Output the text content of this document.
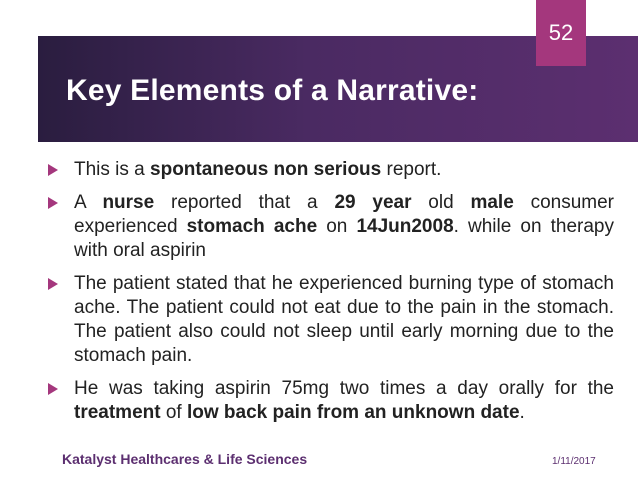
Key Elements of a Narrative:
52
This is a spontaneous non serious report.
A nurse reported that a 29 year old male consumer experienced stomach ache on 14Jun2008. while on therapy with oral aspirin
The patient stated that he experienced burning type of stomach ache. The patient could not eat due to the pain in the stomach. The patient also could not sleep until early morning due to the stomach pain.
He was taking aspirin 75mg two times a day orally for the treatment of low back pain from an unknown date.
Katalyst Healthcares & Life Sciences	1/11/2017
